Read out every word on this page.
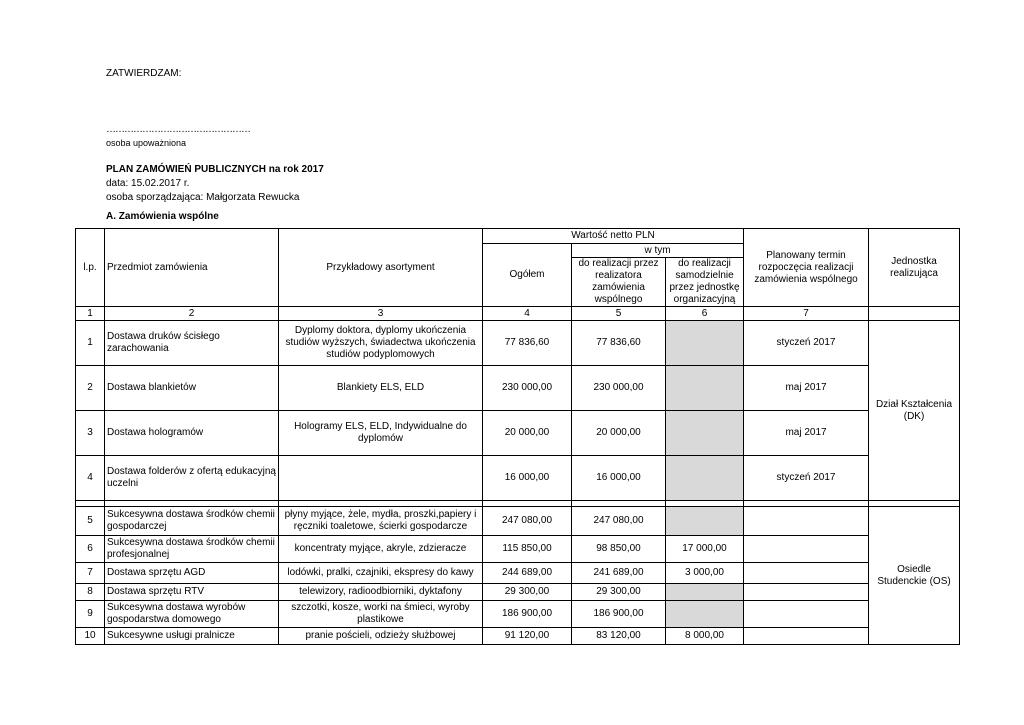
ZATWIERDZAM:
…………………………………………
osoba upoważniona
PLAN ZAMÓWIEŃ PUBLICZNYCH na rok 2017
data: 15.02.2017 r.
osoba sporządzająca: Małgorzata Rewucka
A. Zamówienia wspólne
l.p.	Przedmiot zamówienia	Przykładowy asortyment	Wartość netto PLN			Planowany termin rozpoczęcia realizacji zamówienia wspólnego	Jednostka realizująca
			Ogółem	w tym			
				do realizacji przez realizatora zamówienia wspólnego	do realizacji samodzielnie przez jednostkę organizacyjną		
1	2	3	4	5	6	7	
1	Dostawa druków ścisłego zarachowania	Dyplomy doktora, dyplomy ukończenia studiów wyższych, świadectwa ukończenia studiów podyplomowych	77 836,60	77 836,60		styczeń 2017	Dział Kształcenia (DK)
2	Dostawa blankietów	Blankiety ELS, ELD	230 000,00	230 000,00		maj 2017	
3	Dostawa hologramów	Hologramy ELS, ELD, Indywidualne do dyplomów	20 000,00	20 000,00		maj 2017	
4	Dostawa folderów z ofertą edukacyjną uczelni		16 000,00	16 000,00		styczeń 2017	

5	Sukcesywna dostawa środków chemii gospodarczej	płyny myjące, żele, mydła, proszki,papiery i ręczniki toaletowe, ścierki gospodarcze	247 080,00	247 080,00			Osiedle Studenckie (OS)
6	Sukcesywna dostawa środków chemii profesjonalnej	koncentraty myjące, akryle, zdzieracze	115 850,00	98 850,00	17 000,00		
7	Dostawa sprzętu AGD	lodówki, pralki, czajniki, ekspresy do kawy	244 689,00	241 689,00	3 000,00		
8	Dostawa sprzętu RTV	telewizory, radioodbiorniki, dyktafony	29 300,00	29 300,00			
9	Sukcesywna dostawa wyrobów gospodarstwa domowego	szczotki, kosze, worki na śmieci, wyroby plastikowe	186 900,00	186 900,00			
10	Sukcesywne usługi pralnicze	pranie pościeli, odzieży służbowej	91 120,00	83 120,00	8 000,00		
